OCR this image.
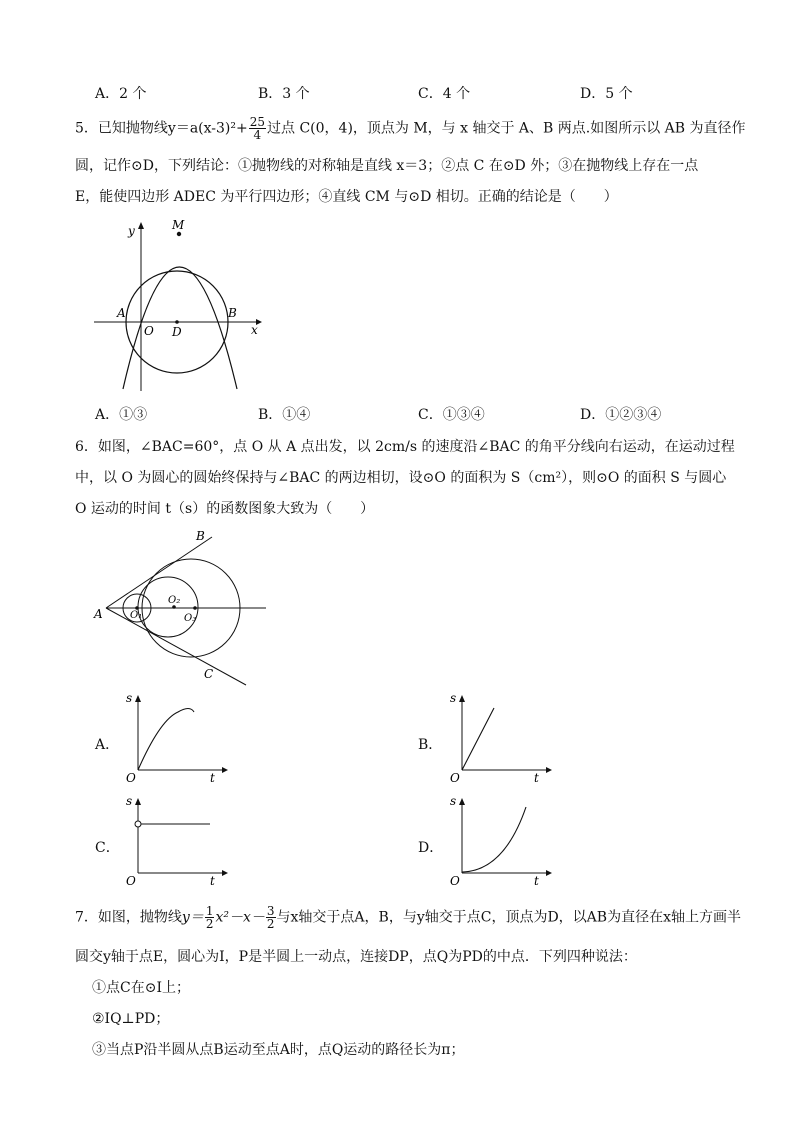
A．2 个	B．3 个	C．4 个	D．5 个
5．已知抛物线$y=a(x-3)^2+ \frac{25}{4}$ 过点 C(0，4)，顶点为 M，与 x 轴交于 A、B 两点.如图所示以 AB 为直径作
圆，记作⊙D，下列结论：①抛物线的对称轴是直线 x＝3；②点 C 在⊙D 外；③在抛物线上存在一点
E，能使四边形 ADEC 为平行四边形；④直线 CM 与⊙D 相切。正确的结论是（　　）
y	M
A
O D
B
x
A．①③	B．①④	C．①③④	D．①②③④
6．如图，∠BAC=60°，点 O 从 A 点出发，以 2cm/s 的速度沿∠BAC 的角平分线向右运动，在运动过程
中，以 O 为圆心的圆始终保持与∠BAC 的两边相切，设⊙O 的面积为 S（cm²），则⊙O 的面积 S 与圆心
O 运动的时间 t（s）的函数图象大致为（　　）
B
A	O₁
O₂
O₃
C
A．
s
O	t
B．
s
O	t
C．
s
O	t
D．
s
O	t
7．如图，抛物线$y= \frac{1}{2} x^2-x- \frac{3}{2}$ 与x轴交于点A，B，与y轴交于点C，顶点为D，以AB为直径在x轴上方画半
圆交y轴于点E，圆心为I，P是半圆上一动点，连接DP，点Q为PD的中点．下列四种说法：
①点C在⊙I上；
②IQ⊥PD；
③当点P沿半圆从点B运动至点A时，点Q运动的路径长为π；
